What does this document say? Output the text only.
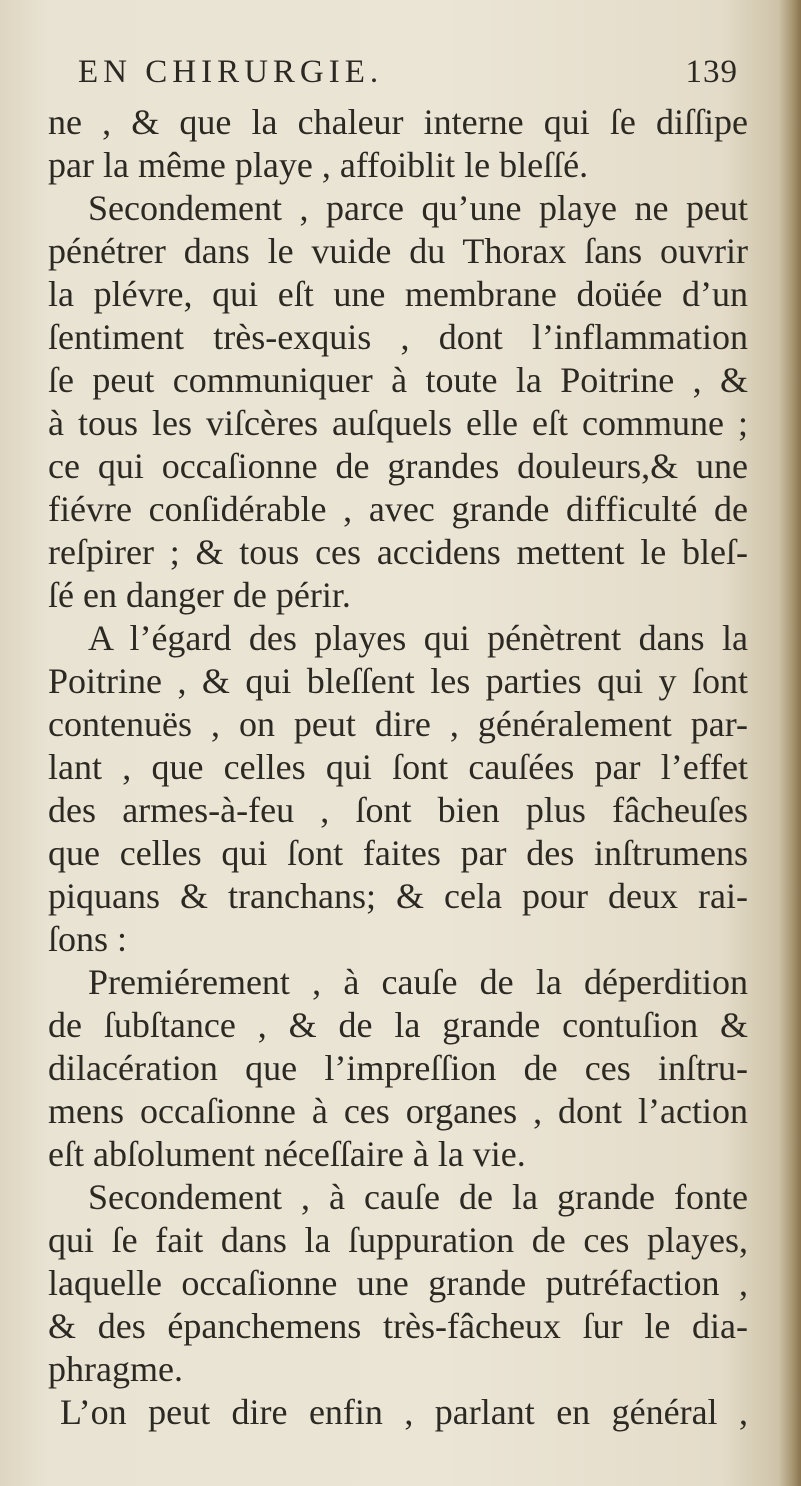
EN CHIRURGIE.	139
ne , & que la chaleur interne qui ſe diſſipe
par la même playe , affoiblit le bleſſé.
Secondement , parce qu’une playe ne peut
pénétrer dans le vuide du Thorax ſans ouvrir
la plévre, qui eſt une membrane doüée d’un
ſentiment très-exquis , dont l’inflammation
ſe peut communiquer à toute la Poitrine , &
à tous les viſcères auſquels elle eſt commune ;
ce qui occaſionne de grandes douleurs,& une
fiévre conſidérable , avec grande difficulté de
reſpirer ; & tous ces accidens mettent le bleſ-
ſé en danger de périr.
A l’égard des playes qui pénètrent dans la
Poitrine , & qui bleſſent les parties qui y ſont
contenuës , on peut dire , généralement par-
lant , que celles qui ſont cauſées par l’effet
des armes-à-feu , ſont bien plus fâcheuſes
que celles qui ſont faites par des inſtrumens
piquans & tranchans; & cela pour deux rai-
ſons :
Premiérement , à cauſe de la déperdition
de ſubſtance , & de la grande contuſion &
dilacération que l’impreſſion de ces inſtru-
mens occaſionne à ces organes , dont l’action
eſt abſolument néceſſaire à la vie.
Secondement , à cauſe de la grande fonte
qui ſe fait dans la ſuppuration de ces playes,
laquelle occaſionne une grande putréfaction ,
& des épanchemens très-fâcheux ſur le dia-
phragme.
L’on peut dire enfin , parlant en général ,
